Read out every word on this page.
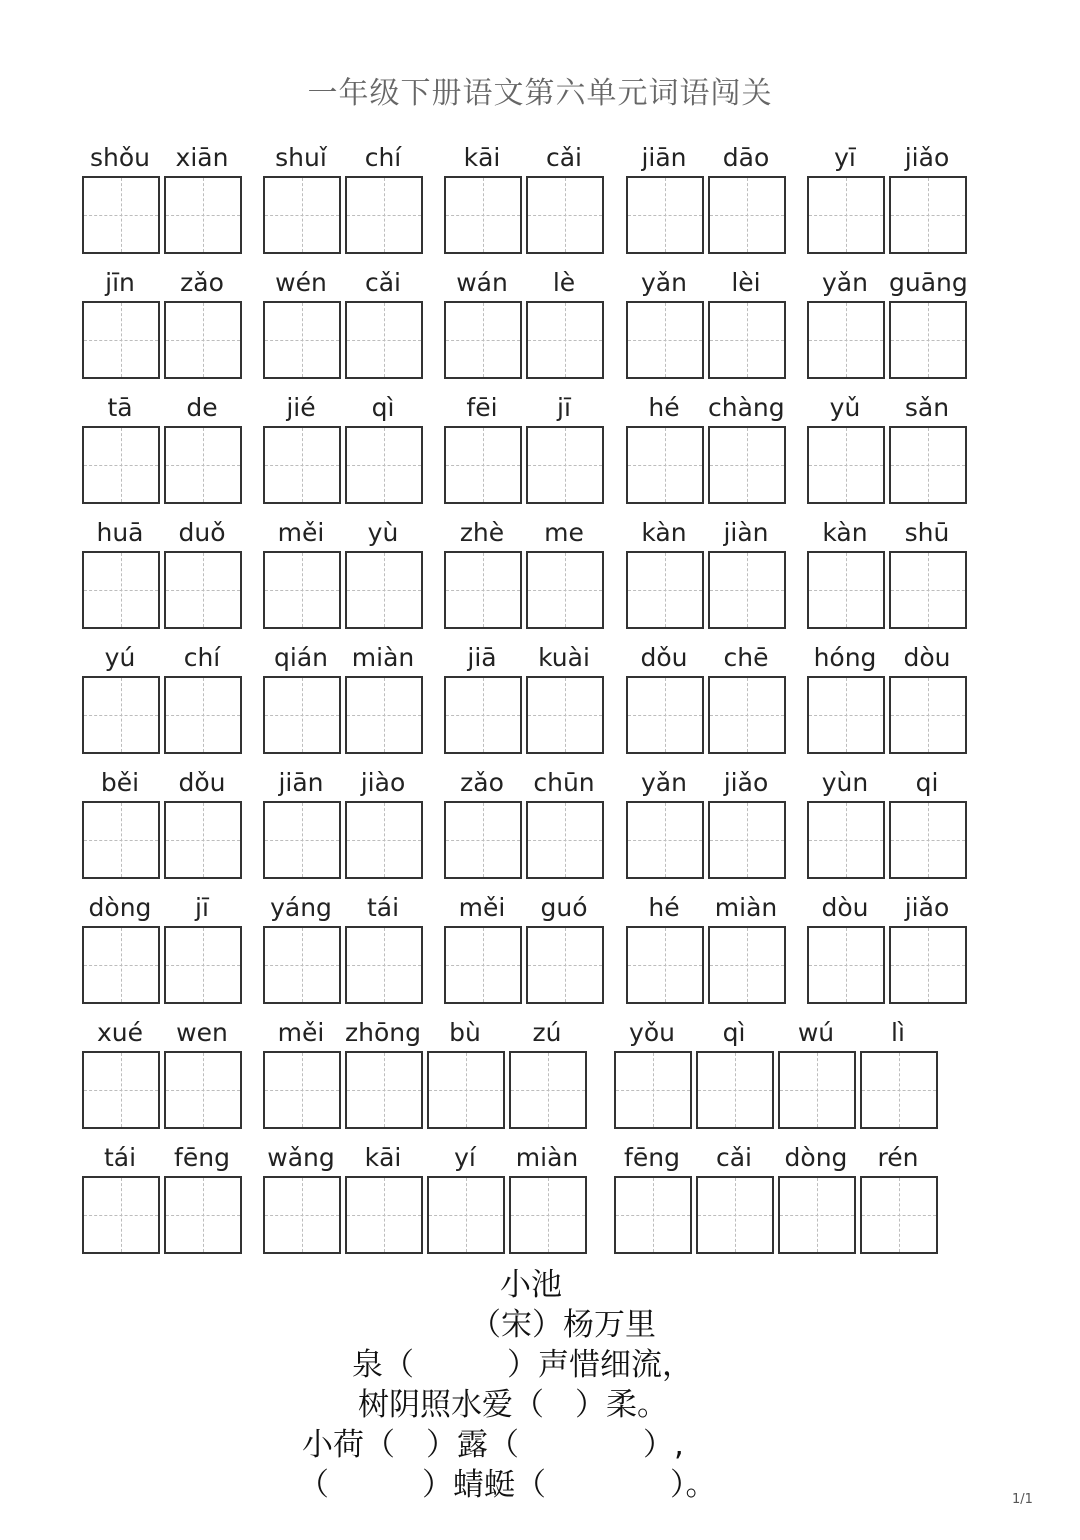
一年级下册语文第六单元词语闯关
shǒu	xiān	shuǐ	chí	kāi	cǎi	jiān	dāo	yī	jiǎo
jīn	zǎo	wén	cǎi	wán	lè	yǎn	lèi	yǎn guāng
tā	de	jié	qì	fēi	jī	hé	chàng	yǔ	sǎn
huā	duǒ	měi	yù	zhè	me	kàn	jiàn	kàn	shū
yú	chí	qián miàn	jiā	kuài	dǒu	chē	hóng	dòu
běi	dǒu	jiān	jiào	zǎo	chūn	yǎn	jiǎo	yùn	qi
dòng	jī	yáng	tái	měi	guó	hé	miàn	dòu	jiǎo
xué	wen	měi zhōng	bù	zú	yǒu	qì	wú	lì
tái	fēng	wǎng	kāi	yí	miàn	fēng	cǎi	dòng	rén
小池
（宋）杨万里
泉（　　　）声惜细流，
树阴照水爱（　）柔。
小荷（　）露（　　　　）,
（　　　）蜻蜓（　　　　）。	1/1
